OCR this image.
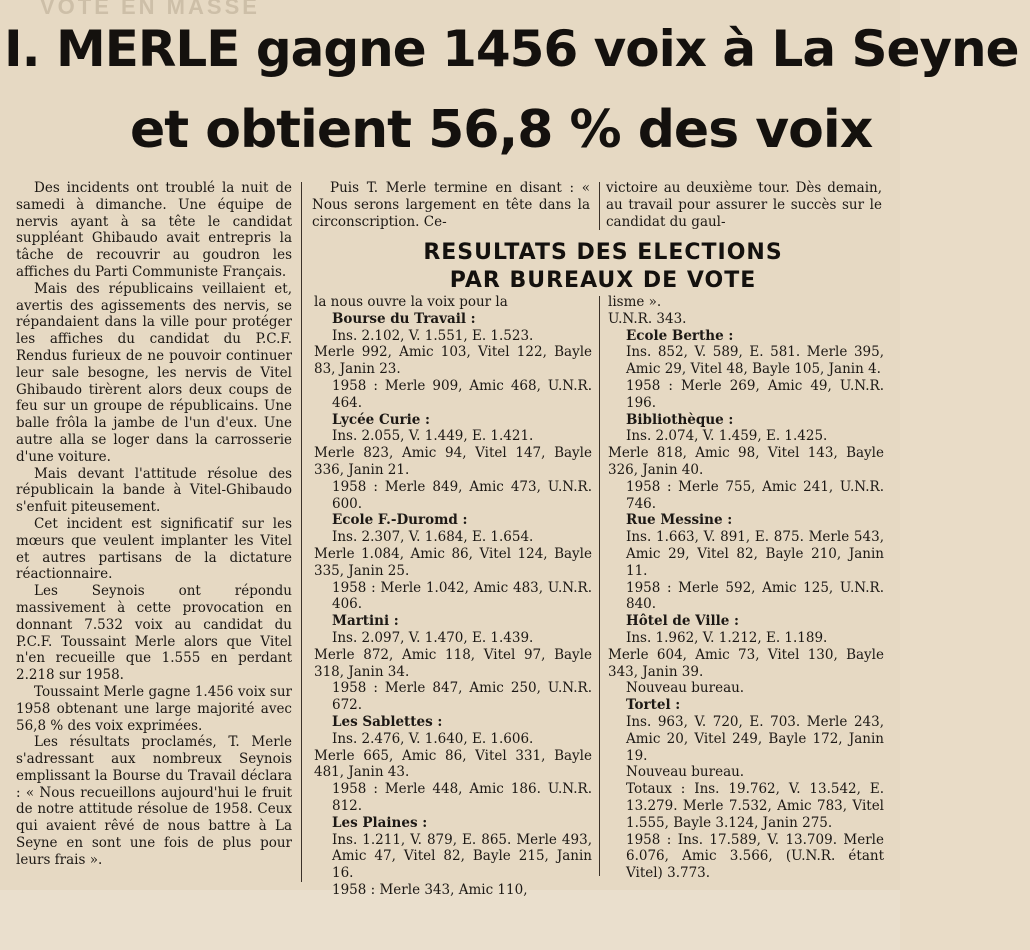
VOTE EN MASSE
I. MERLE gagne 1456 voix à La Seyne
et obtient 56,8 % des voix

Des incidents ont troublé la nuit de samedi à dimanche. Une équipe de nervis ayant à sa tête le candidat suppléant Ghibaudo avait entrepris la tâche de recouvrir au goudron les affiches du Parti Communiste Français.

Mais des républicains veillaient et, avertis des agissements des nervis, se répandaient dans la ville pour protéger les affiches du candidat du P.C.F. Rendus furieux de ne pouvoir continuer leur sale besogne, les nervis de Vitel Ghibaudo tirèrent alors deux coups de feu sur un groupe de républicains. Une balle frôla la jambe de l'un d'eux. Une autre alla se loger dans la carrosserie d'une voiture.

Mais devant l'attitude résolue des républicain la bande à Vitel-Ghibaudo s'enfuit piteusement.

Cet incident est significatif sur les mœurs que veulent implanter les Vitel et autres partisans de la dictature réactionnaire.

Les Seynois ont répondu massivement à cette provocation en donnant 7.532 voix au candidat du P.C.F. Toussaint Merle alors que Vitel n'en recueille que 1.555 en perdant 2.218 sur 1958.

Toussaint Merle gagne 1.456 voix sur 1958 obtenant une large majorité avec 56,8 % des voix exprimées.

Les résultats proclamés, T. Merle s'adressant aux nombreux Seynois emplissant la Bourse du Travail déclara : « Nous recueillons aujourd'hui le fruit de notre attitude résolue de 1958. Ceux qui avaient rêvé de nous battre à La Seyne en sont une fois de plus pour leurs frais ».

Puis T. Merle termine en disant : « Nous serons largement en tête dans la circonscription. Ce-

victoire au deuxième tour. Dès demain, au travail pour assurer le succès sur le candidat du gaul-

RESULTATS DES ELECTIONS
PAR BUREAUX DE VOTE
la nous ouvre la voix pour la
Bourse du Travail :
Ins. 2.102, V. 1.551, E. 1.523.
Merle 992, Amic 103, Vitel 122, Bayle 83, Janin 23.
1958 : Merle 909, Amic 468, U.N.R. 464.
Lycée Curie :
Ins. 2.055, V. 1.449, E. 1.421.
Merle 823, Amic 94, Vitel 147, Bayle 336, Janin 21.
1958 : Merle 849, Amic 473, U.N.R. 600.
Ecole F.-Duromd :
Ins. 2.307, V. 1.684, E. 1.654.
Merle 1.084, Amic 86, Vitel 124, Bayle 335, Janin 25.
1958 : Merle 1.042, Amic 483, U.N.R. 406.
Martini :
Ins. 2.097, V. 1.470, E. 1.439.
Merle 872, Amic 118, Vitel 97, Bayle 318, Janin 34.
1958 : Merle 847, Amic 250, U.N.R. 672.
Les Sablettes :
Ins. 2.476, V. 1.640, E. 1.606.
Merle 665, Amic 86, Vitel 331, Bayle 481, Janin 43.
1958 : Merle 448, Amic 186. U.N.R. 812.
Les Plaines :
Ins. 1.211, V. 879, E. 865. Merle 493, Amic 47, Vitel 82, Bayle 215, Janin 16.
1958 : Merle 343, Amic 110,
lisme ».
U.N.R. 343.
Ecole Berthe :
Ins. 852, V. 589, E. 581. Merle 395, Amic 29, Vitel 48, Bayle 105, Janin 4.
1958 : Merle 269, Amic 49, U.N.R. 196.
Bibliothèque :
Ins. 2.074, V. 1.459, E. 1.425.
Merle 818, Amic 98, Vitel 143, Bayle 326, Janin 40.
1958 : Merle 755, Amic 241, U.N.R. 746.
Rue Messine :
Ins. 1.663, V. 891, E. 875. Merle 543, Amic 29, Vitel 82, Bayle 210, Janin 11.
1958 : Merle 592, Amic 125, U.N.R. 840.
Hôtel de Ville :
Ins. 1.962, V. 1.212, E. 1.189.
Merle 604, Amic 73, Vitel 130, Bayle 343, Janin 39.
Nouveau bureau.
Tortel :
Ins. 963, V. 720, E. 703. Merle 243, Amic 20, Vitel 249, Bayle 172, Janin 19.
Nouveau bureau.
Totaux : Ins. 19.762, V. 13.542, E. 13.279. Merle 7.532, Amic 783, Vitel 1.555, Bayle 3.124, Janin 275.
1958 : Ins. 17.589, V. 13.709. Merle 6.076, Amic 3.566, (U.N.R. étant Vitel) 3.773.
